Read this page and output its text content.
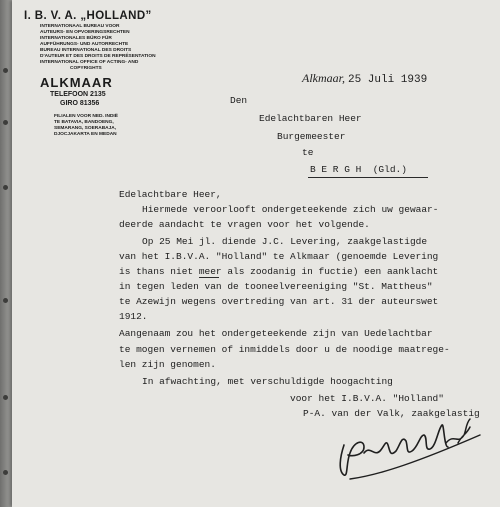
I. B. V. A. „HOLLAND”
INTERNATIONAAL BUREAU VOOR
AUTEURS- EN OPVOERINGSRECHTEN
INTERNATIONALES BÜRO FÜR
AUFFÜHRUNGS- UND AUTORRECHTE
BUREAU INTERNATIONAL DES DROITS
D'AUTEUR ET DES DROITS DE REPRÉSENTATION
INTERNATIONAL OFFICE OF ACTING- AND
COPYRIGHTS
ALKMAAR
TELEFOON 2135
GIRO 81356
FILIALEN VOOR NED. INDIË
TE BATAVIA, BANDOENG,
SEMARANG, SOERABAJA,
DJOCJAKARTA EN MEDAN

Alkmaar, 25 Juli 1939

Den
Edelachtbaren Heer
Burgemeester
te
B E R G H  (Gld.)
Edelachtbare Heer,
Hiermede veroorlooft ondergeteekende zich uw gewaar-
deerde aandacht te vragen voor het volgende.
Op 25 Mei jl. diende J.C. Levering, zaakgelastigde
van het I.B.V.A. "Holland" te Alkmaar (genoemde Levering
is thans niet meer als zoodanig in fuctie) een aanklacht
in tegen leden van de tooneelvereeniging "St. Mattheus"
te Azewijn wegens overtreding van art. 31 der auteurswet
1912.
Aangenaam zou het ondergeteekende zijn van Uedelachtbar
te mogen vernemen of inmiddels door u de noodige maatrege-
len zijn genomen.
In afwachting, met verschuldigde hoogachting
voor het I.B.V.A. "Holland"
P-A. van der Valk, zaakgelastig
